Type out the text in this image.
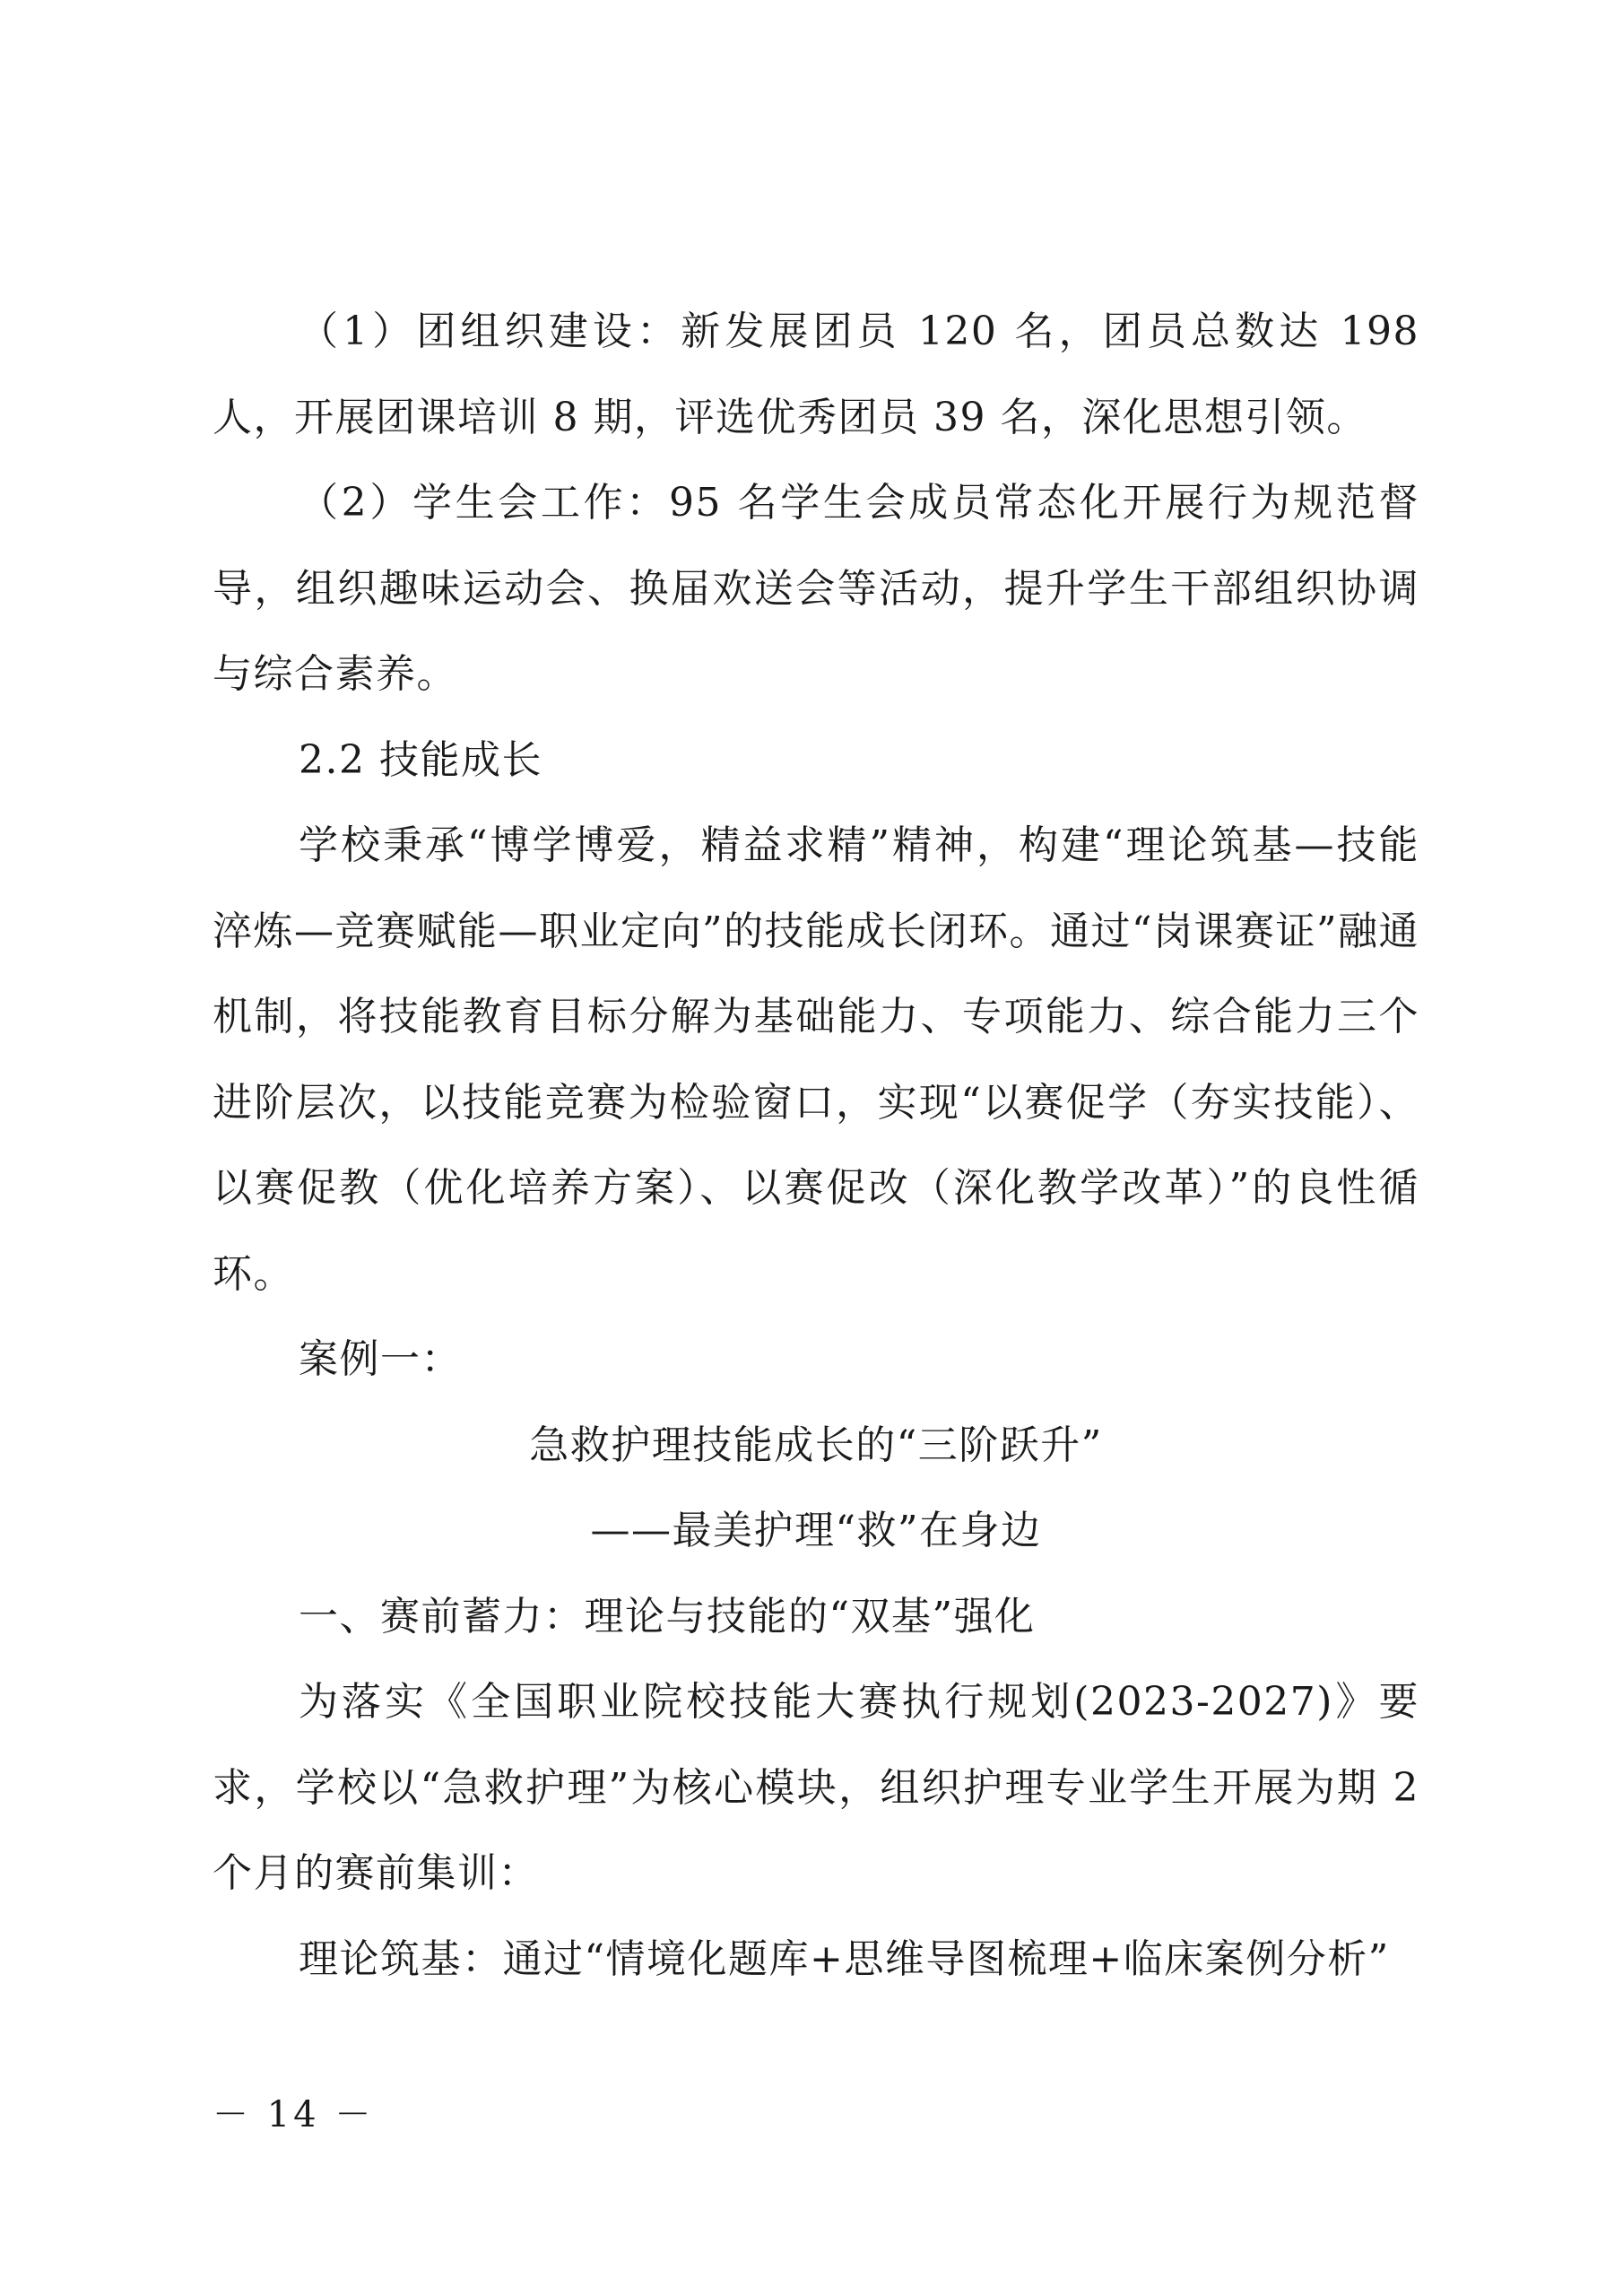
（1）团组织建设：新发展团员 120 名，团员总数达 198 人，开展团课培训 8 期，评选优秀团员 39 名，深化思想引领。

（2）学生会工作：95 名学生会成员常态化开展行为规范督导，组织趣味运动会、换届欢送会等活动，提升学生干部组织协调与综合素养。

2.2 技能成长

学校秉承“博学博爱，精益求精”精神，构建“理论筑基—技能淬炼—竞赛赋能—职业定向”的技能成长闭环。通过“岗课赛证”融通机制，将技能教育目标分解为基础能力、专项能力、综合能力三个进阶层次，以技能竞赛为检验窗口，实现“以赛促学（夯实技能）、以赛促教（优化培养方案）、以赛促改（深化教学改革）”的良性循环。

案例一：

急救护理技能成长的“三阶跃升”

——最美护理“救”在身边

一、赛前蓄力：理论与技能的“双基”强化

为落实《全国职业院校技能大赛执行规划(2023-2027)》要求，学校以“急救护理”为核心模块，组织护理专业学生开展为期 2 个月的赛前集训：

理论筑基：通过“情境化题库+思维导图梳理+临床案例分析”

－ 14 －
